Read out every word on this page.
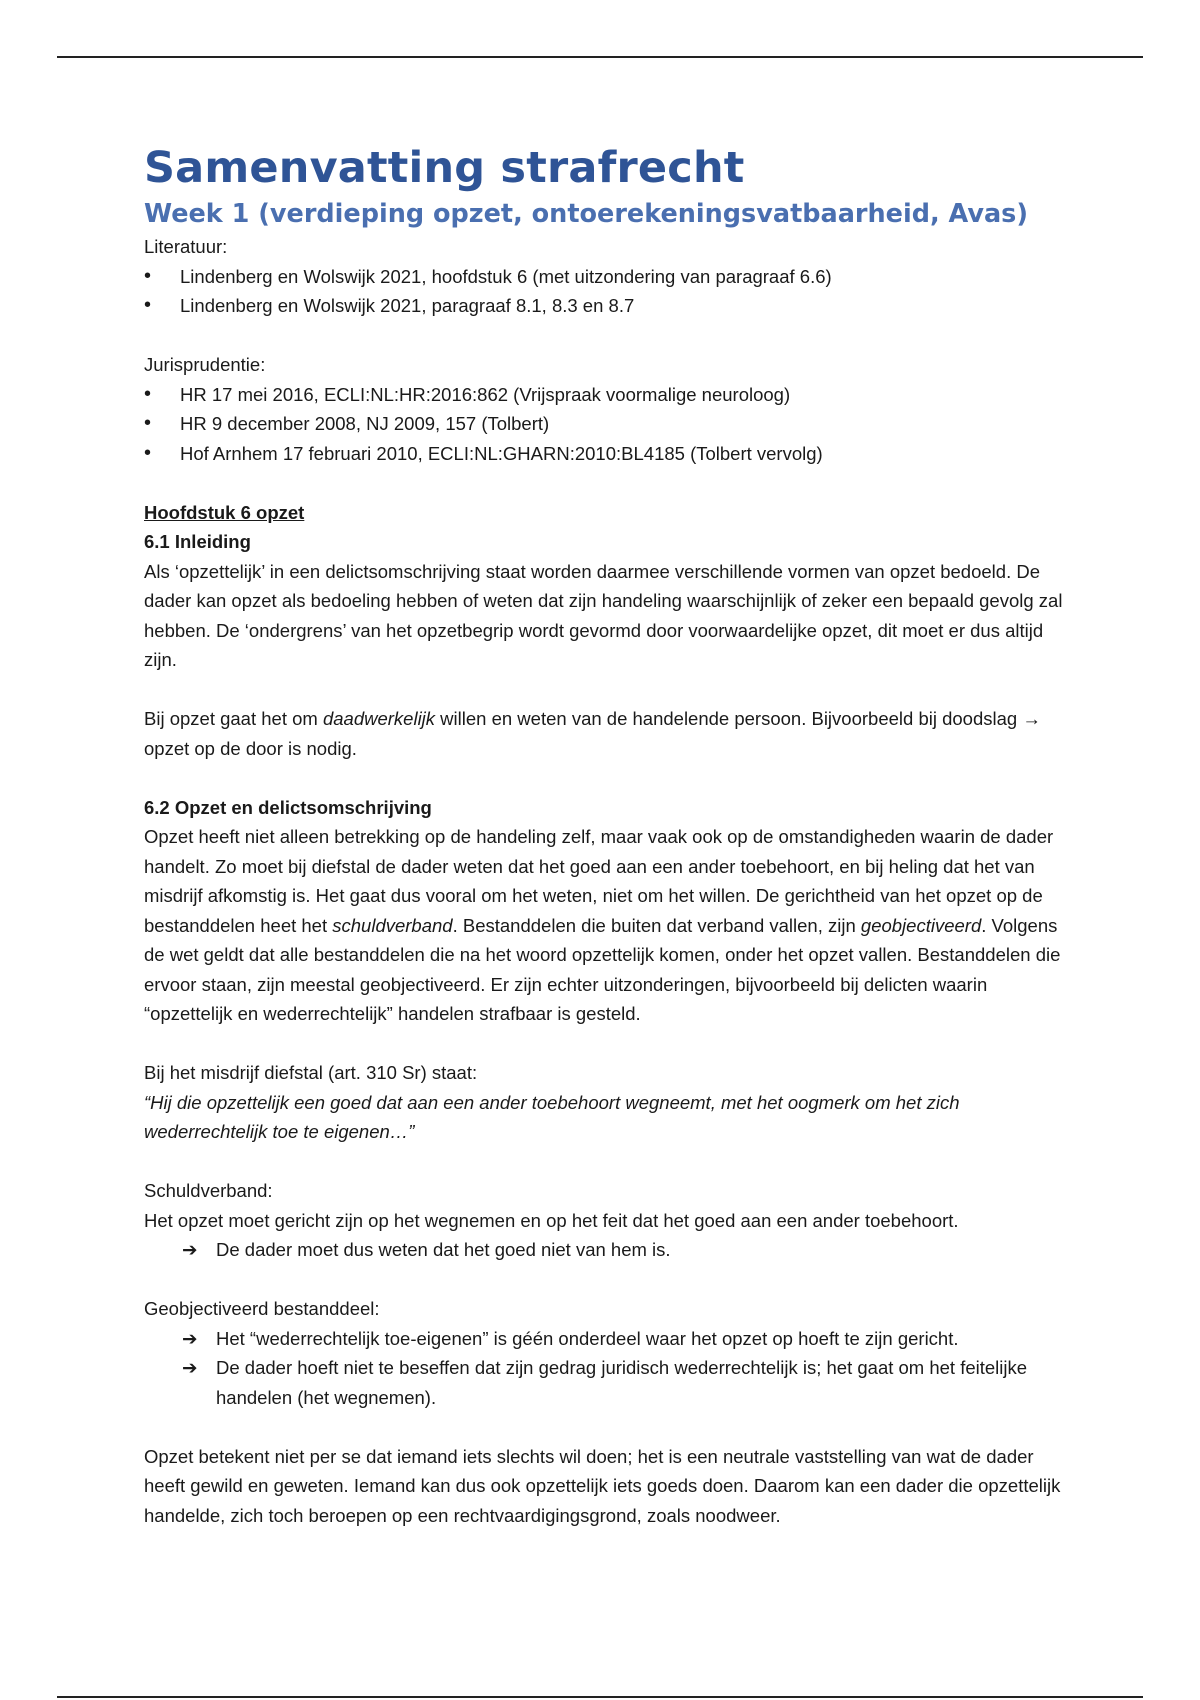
Samenvatting strafrecht
Week 1 (verdieping opzet, ontoerekeningsvatbaarheid, Avas)

Literatuur:

• Lindenberg en Wolswijk 2021, hoofdstuk 6 (met uitzondering van paragraaf 6.6)
• Lindenberg en Wolswijk 2021, paragraaf 8.1, 8.3 en 8.7

Jurisprudentie:

• HR 17 mei 2016, ECLI:NL:HR:2016:862 (Vrijspraak voormalige neuroloog)
• HR 9 december 2008, NJ 2009, 157 (Tolbert)
• Hof Arnhem 17 februari 2010, ECLI:NL:GHARN:2010:BL4185 (Tolbert vervolg)

Hoofdstuk 6 opzet

6.1 Inleiding

Als ‘opzettelijk’ in een delictsomschrijving staat worden daarmee verschillende vormen van opzet bedoeld. De dader kan opzet als bedoeling hebben of weten dat zijn handeling waarschijnlijk of zeker een bepaald gevolg zal hebben. De ‘ondergrens’ van het opzetbegrip wordt gevormd door voorwaardelijke opzet, dit moet er dus altijd zijn.

Bij opzet gaat het om daadwerkelijk willen en weten van de handelende persoon. Bijvoorbeeld bij doodslag → opzet op de door is nodig.

6.2 Opzet en delictsomschrijving

Opzet heeft niet alleen betrekking op de handeling zelf, maar vaak ook op de omstandigheden waarin de dader handelt. Zo moet bij diefstal de dader weten dat het goed aan een ander toebehoort, en bij heling dat het van misdrijf afkomstig is. Het gaat dus vooral om het weten, niet om het willen. De gerichtheid van het opzet op de bestanddelen heet het schuldverband. Bestanddelen die buiten dat verband vallen, zijn geobjectiveerd. Volgens de wet geldt dat alle bestanddelen die na het woord opzettelijk komen, onder het opzet vallen. Bestanddelen die ervoor staan, zijn meestal geobjectiveerd. Er zijn echter uitzonderingen, bijvoorbeeld bij delicten waarin “opzettelijk en wederrechtelijk” handelen strafbaar is gesteld.

Bij het misdrijf diefstal (art. 310 Sr) staat:

“Hij die opzettelijk een goed dat aan een ander toebehoort wegneemt, met het oogmerk om het zich wederrechtelijk toe te eigenen…”

Schuldverband:

Het opzet moet gericht zijn op het wegnemen en op het feit dat het goed aan een ander toebehoort.

➔ De dader moet dus weten dat het goed niet van hem is.

Geobjectiveerd bestanddeel:

➔ Het “wederrechtelijk toe-eigenen” is géén onderdeel waar het opzet op hoeft te zijn gericht.
➔ De dader hoeft niet te beseffen dat zijn gedrag juridisch wederrechtelijk is; het gaat om het feitelijke handelen (het wegnemen).

Opzet betekent niet per se dat iemand iets slechts wil doen; het is een neutrale vaststelling van wat de dader heeft gewild en geweten. Iemand kan dus ook opzettelijk iets goeds doen. Daarom kan een dader die opzettelijk handelde, zich toch beroepen op een rechtvaardigingsgrond, zoals noodweer.
